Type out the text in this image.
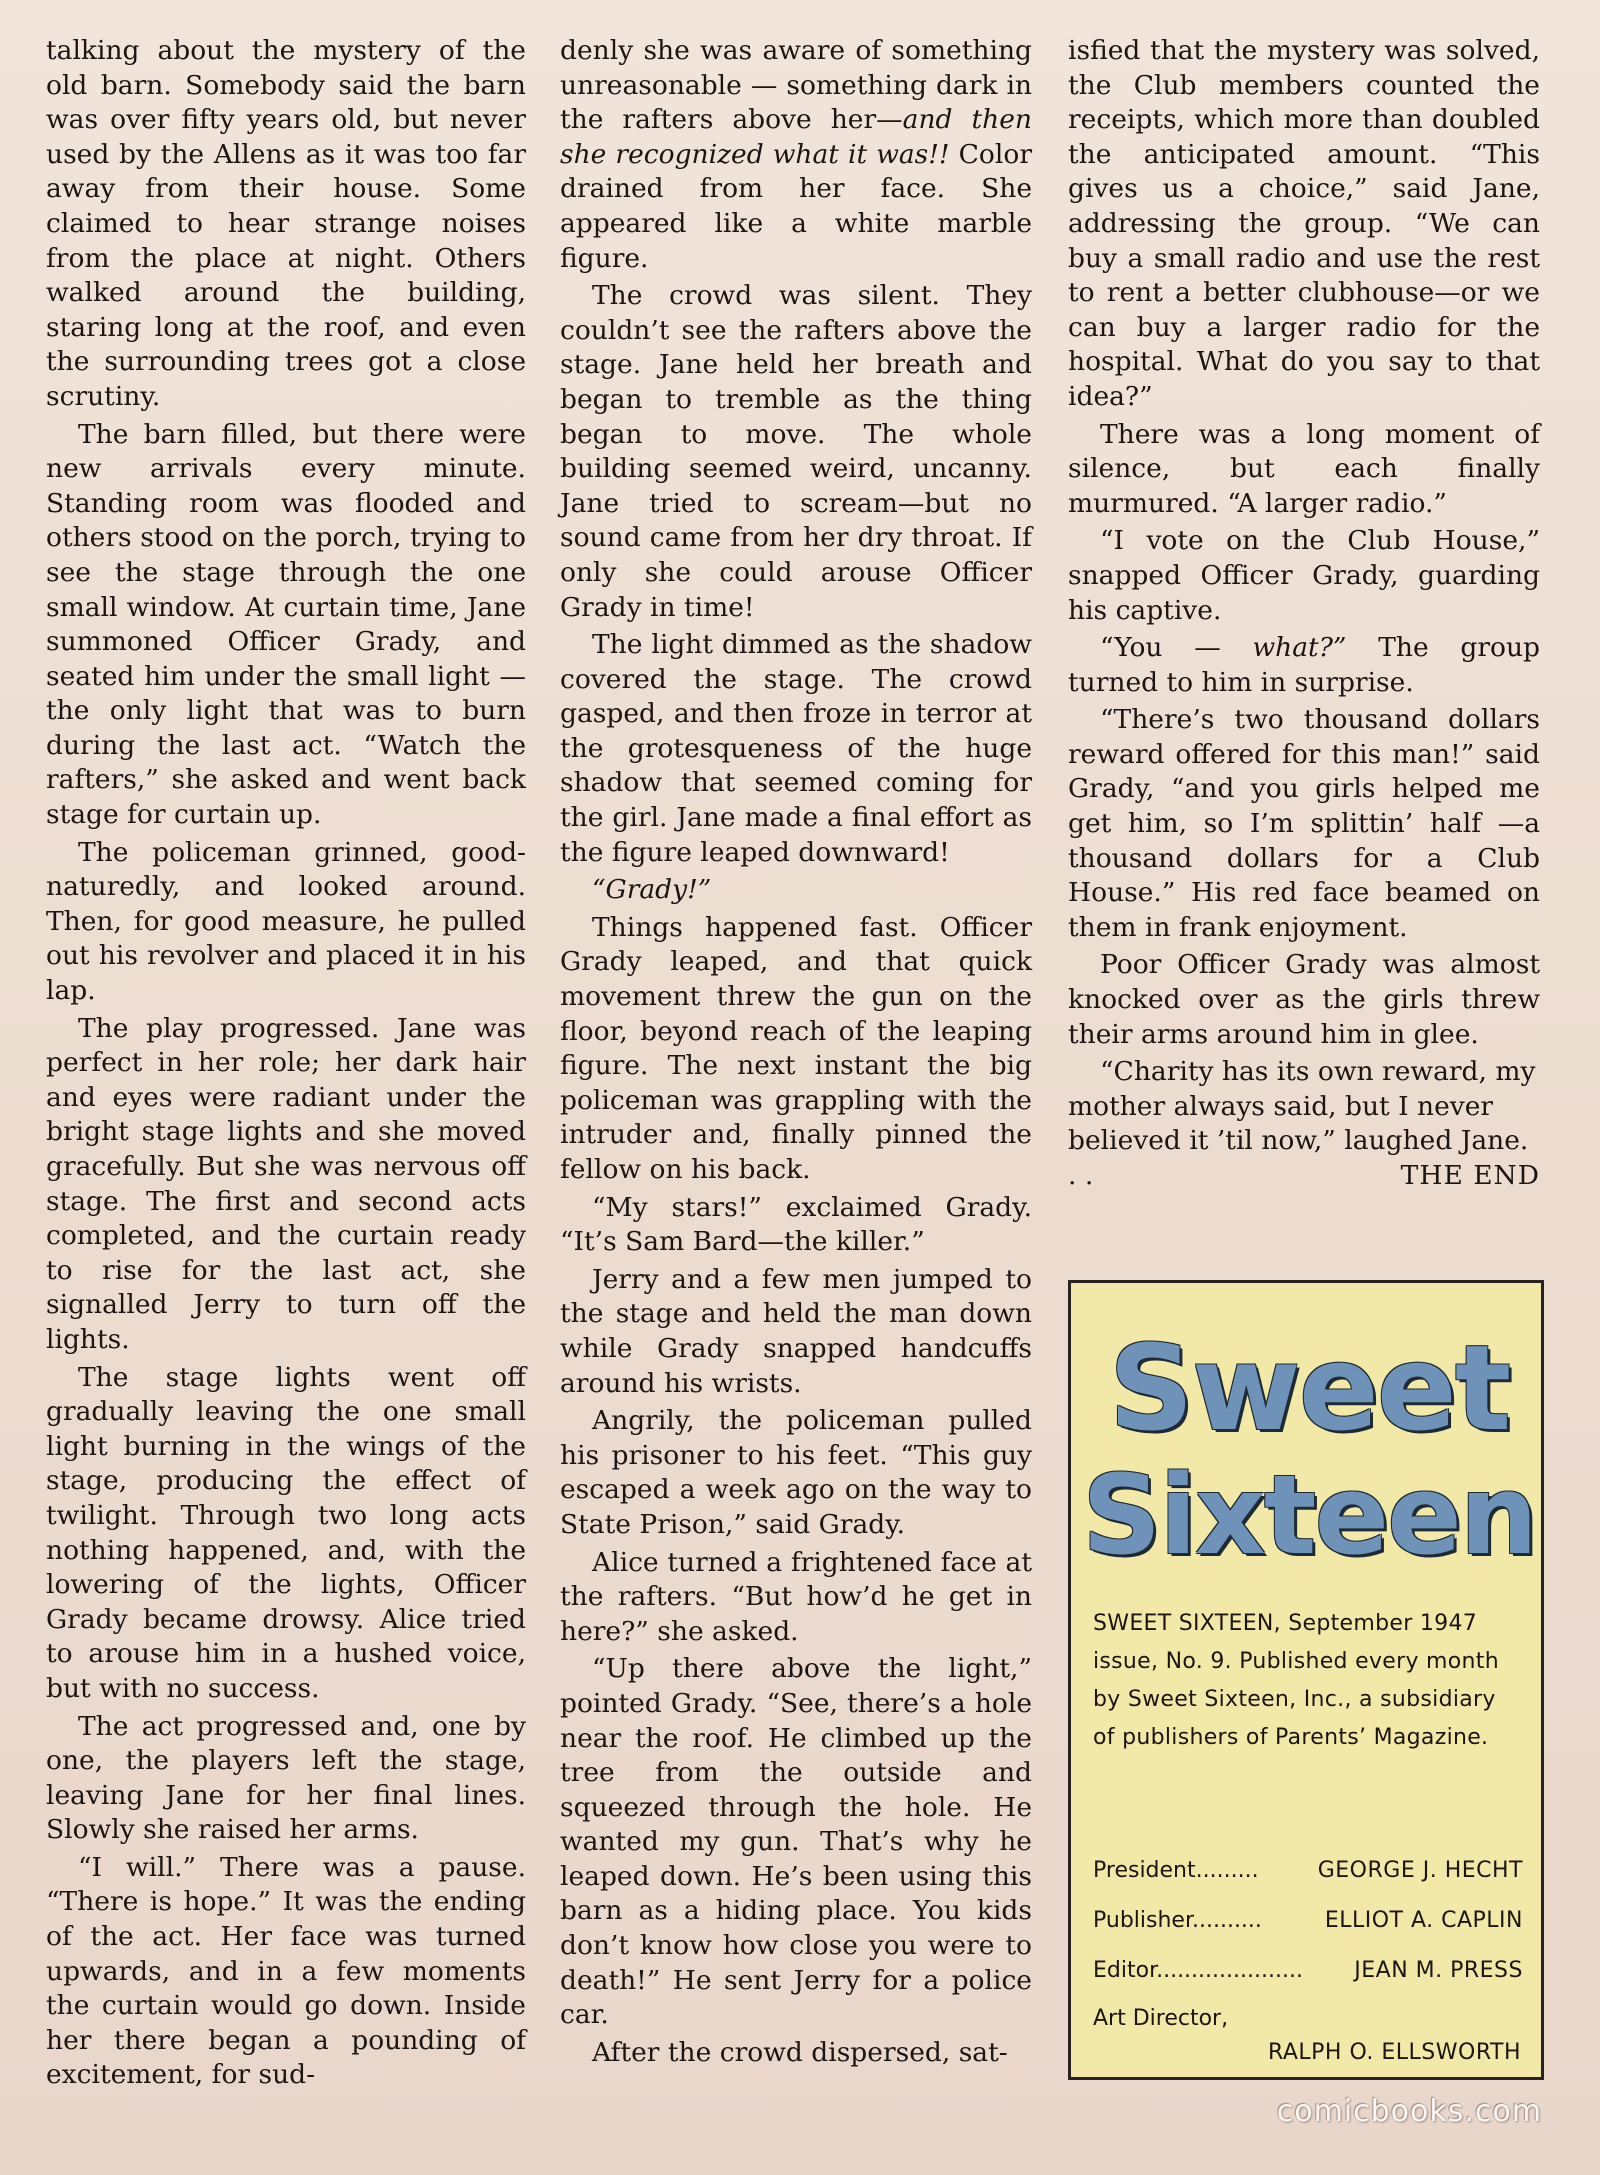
talking about the mystery of the old barn. Somebody said the barn was over fifty years old, but never used by the Allens as it was too far away from their house. Some claimed to hear strange noises from the place at night. Others walked around the building, staring long at the roof, and even the surrounding trees got a close scrutiny.

The barn filled, but there were new arrivals every minute. Standing room was flooded and others stood on the porch, trying to see the stage through the one small window. At curtain time, Jane summoned Officer Grady, and seated him under the small light —the only light that was to burn during the last act. “Watch the rafters,” she asked and went back stage for curtain up.

The policeman grinned, good-naturedly, and looked around. Then, for good measure, he pulled out his revolver and placed it in his lap.

The play progressed. Jane was perfect in her role; her dark hair and eyes were radiant under the bright stage lights and she moved gracefully. But she was nervous off stage. The first and second acts completed, and the curtain ready to rise for the last act, she signalled Jerry to turn off the lights.

The stage lights went off gradually leaving the one small light burning in the wings of the stage, producing the effect of twilight. Through two long acts nothing happened, and, with the lowering of the lights, Officer Grady became drowsy. Alice tried to arouse him in a hushed voice, but with no success.

The act progressed and, one by one, the players left the stage, leaving Jane for her final lines. Slowly she raised her arms.

“I will.” There was a pause. “There is hope.” It was the ending of the act. Her face was turned upwards, and in a few moments the curtain would go down. Inside her there began a pounding of excitement, for sud-

denly she was aware of something unreasonable — something dark in the rafters above her—and then she recognized what it was!! Color drained from her face. She appeared like a white marble figure.

The crowd was silent. They couldn’t see the rafters above the stage. Jane held her breath and began to tremble as the thing began to move. The whole building seemed weird, uncanny. Jane tried to scream—but no sound came from her dry throat. If only she could arouse Officer Grady in time!

The light dimmed as the shadow covered the stage. The crowd gasped, and then froze in terror at the grotesqueness of the huge shadow that seemed coming for the girl. Jane made a final effort as the figure leaped downward!

“Grady!”

Things happened fast. Officer Grady leaped, and that quick movement threw the gun on the floor, beyond reach of the leaping figure. The next instant the big policeman was grappling with the intruder and, finally pinned the fellow on his back.

“My stars!” exclaimed Grady. “It’s Sam Bard—the killer.”

Jerry and a few men jumped to the stage and held the man down while Grady snapped handcuffs around his wrists.

Angrily, the policeman pulled his prisoner to his feet. “This guy escaped a week ago on the way to State Prison,” said Grady.

Alice turned a frightened face at the rafters. “But how’d he get in here?” she asked.

“Up there above the light,” pointed Grady. “See, there’s a hole near the roof. He climbed up the tree from the outside and squeezed through the hole. He wanted my gun. That’s why he leaped down. He’s been using this barn as a hiding place. You kids don’t know how close you were to death!” He sent Jerry for a police car.

After the crowd dispersed, sat-

isfied that the mystery was solved, the Club members counted the receipts, which more than doubled the anticipated amount. “This gives us a choice,” said Jane, addressing the group. “We can buy a small radio and use the rest to rent a better clubhouse—or we can buy a larger radio for the hospital. What do you say to that idea?”

There was a long moment of silence, but each finally murmured. “A larger radio.”

“I vote on the Club House,” snapped Officer Grady, guarding his captive.

“You — what?” The group turned to him in surprise.

“There’s two thousand dollars reward offered for this man!” said Grady, “and you girls helped me get him, so I’m splittin’ half —a thousand dollars for a Club House.” His red face beamed on them in frank enjoyment.

Poor Officer Grady was almost knocked over as the girls threw their arms around him in glee.

“Charity has its own reward, my mother always said, but I never believed it ’til now,” laughed Jane. . .	THE END

Sweet
Sixteen
SWEET SIXTEEN, September 1947 issue, No. 9. Published every month by Sweet Sixteen, Inc., a subsidiary of publishers of Parents’ Magazine.
President.........	GEORGE J. HECHT
Publisher..........	ELLIOT A. CAPLIN
Editor..................... JEAN M. PRESS
Art Director,
RALPH O. ELLSWORTH
comicbooks.com
